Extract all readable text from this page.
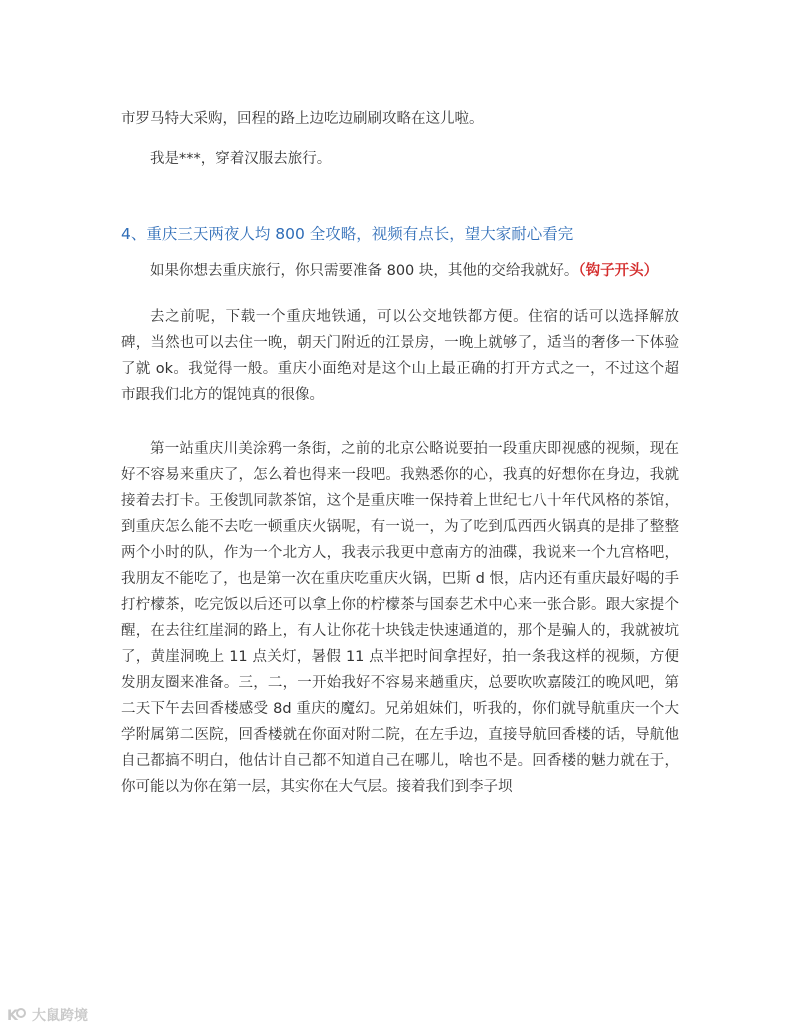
市罗马特大采购，回程的路上边吃边刷刷攻略在这儿啦。

我是***，穿着汉服去旅行。

4、重庆三天两夜人均 800 全攻略，视频有点长，望大家耐心看完

如果你想去重庆旅行，你只需要准备 800 块，其他的交给我就好。（钩子开头）

去之前呢，下载一个重庆地铁通，可以公交地铁都方便。住宿的话可以选择解放碑，当然也可以去住一晚，朝天门附近的江景房，一晚上就够了，适当的奢侈一下体验了就 ok。我觉得一般。重庆小面绝对是这个山上最正确的打开方式之一，不过这个超市跟我们北方的馄饨真的很像。

第一站重庆川美涂鸦一条街，之前的北京公略说要拍一段重庆即视感的视频，现在好不容易来重庆了，怎么着也得来一段吧。我熟悉你的心，我真的好想你在身边，我就接着去打卡。王俊凯同款茶馆，这个是重庆唯一保持着上世纪七八十年代风格的茶馆，到重庆怎么能不去吃一顿重庆火锅呢，有一说一，为了吃到瓜西西火锅真的是排了整整两个小时的队，作为一个北方人，我表示我更中意南方的油碟，我说来一个九宫格吧，我朋友不能吃了，也是第一次在重庆吃重庆火锅，巴斯 d 恨，店内还有重庆最好喝的手打柠檬茶，吃完饭以后还可以拿上你的柠檬茶与国泰艺术中心来一张合影。跟大家提个醒，在去往红崖洞的路上，有人让你花十块钱走快速通道的，那个是骗人的，我就被坑了，黄崖洞晚上 11 点关灯，暑假 11 点半把时间拿捏好，拍一条我这样的视频，方便发朋友圈来准备。三，二，一开始我好不容易来趟重庆，总要吹吹嘉陵江的晚风吧，第二天下午去回香楼感受 8d 重庆的魔幻。兄弟姐妹们，听我的，你们就导航重庆一个大学附属第二医院，回香楼就在你面对附二院，在左手边，直接导航回香楼的话，导航他自己都搞不明白，他估计自己都不知道自己在哪儿，啥也不是。回香楼的魅力就在于，你可能以为你在第一层，其实你在大气层。接着我们到李子坝

K 大鼠跨境
